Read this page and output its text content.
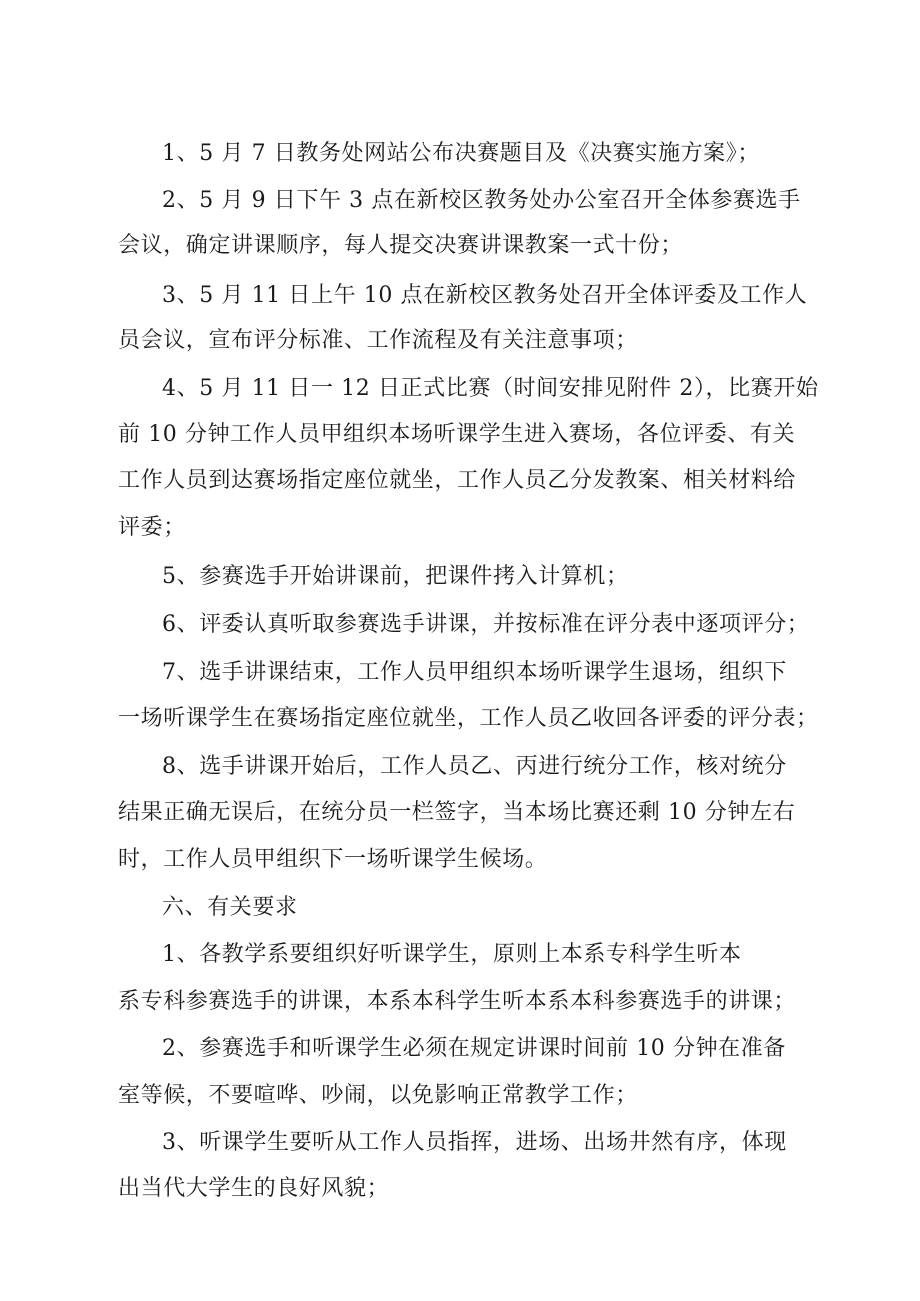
1、5 月 7 日教务处网站公布决赛题目及《决赛实施方案》；
2、5 月 9 日下午 3 点在新校区教务处办公室召开全体参赛选手
会议，确定讲课顺序，每人提交决赛讲课教案一式十份；
3、5 月 11 日上午 10 点在新校区教务处召开全体评委及工作人
员会议，宣布评分标准、工作流程及有关注意事项；
4、5 月 11 日一 12 日正式比赛（时间安排见附件 2），比赛开始
前 10 分钟工作人员甲组织本场听课学生进入赛场，各位评委、有关
工作人员到达赛场指定座位就坐，工作人员乙分发教案、相关材料给
评委；
5、参赛选手开始讲课前，把课件拷入计算机；
6、评委认真听取参赛选手讲课，并按标准在评分表中逐项评分；
7、选手讲课结束，工作人员甲组织本场听课学生退场，组织下
一场听课学生在赛场指定座位就坐，工作人员乙收回各评委的评分表；
8、选手讲课开始后，工作人员乙、丙进行统分工作，核对统分
结果正确无误后，在统分员一栏签字，当本场比赛还剩 10 分钟左右
时，工作人员甲组织下一场听课学生候场。
六、有关要求
1、各教学系要组织好听课学生，原则上本系专科学生听本
系专科参赛选手的讲课，本系本科学生听本系本科参赛选手的讲课；
2、参赛选手和听课学生必须在规定讲课时间前 10 分钟在准备
室等候，不要喧哗、吵闹，以免影响正常教学工作；
3、听课学生要听从工作人员指挥，进场、出场井然有序，体现
出当代大学生的良好风貌；
